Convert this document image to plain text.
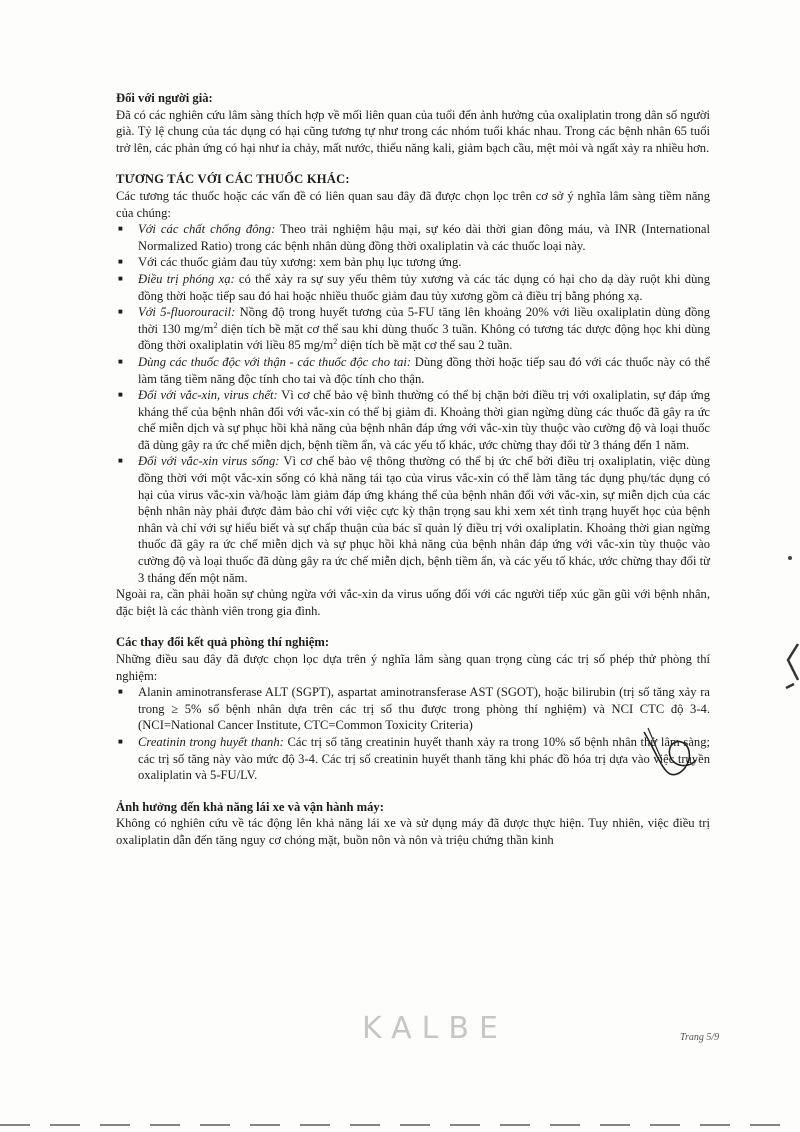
Đối với người già:

Đã có các nghiên cứu lâm sàng thích hợp về mối liên quan của tuổi đến ảnh hưởng của oxaliplatin trong dân số người già. Tỷ lệ chung của tác dụng có hại cũng tương tự như trong các nhóm tuổi khác nhau. Trong các bệnh nhân 65 tuổi trở lên, các phản ứng có hại như ỉa chảy, mất nước, thiểu năng kali, giảm bạch cầu, mệt mỏi và ngất xảy ra nhiều hơn.

TƯƠNG TÁC VỚI CÁC THUỐC KHÁC:

Các tương tác thuốc hoặc các vấn đề có liên quan sau đây đã được chọn lọc trên cơ sở ý nghĩa lâm sàng tiềm năng của chúng:

■ Với các chất chống đông: Theo trải nghiệm hậu mại, sự kéo dài thời gian đông máu, và INR (International Normalized Ratio) trong các bệnh nhân dùng đồng thời oxaliplatin và các thuốc loại này.
■ Với các thuốc giảm đau tủy xương: xem bản phụ lục tương ứng.
■ Điều trị phóng xạ: có thể xảy ra sự suy yếu thêm tủy xương và các tác dụng có hại cho dạ dày ruột khi dùng đồng thời hoặc tiếp sau đó hai hoặc nhiều thuốc giảm đau tủy xương gồm cả điều trị bằng phóng xạ.
■ Với 5-fluorouracil: Nồng độ trong huyết tương của 5-FU tăng lên khoảng 20% với liều oxaliplatin dùng đồng thời 130 $mg/m^2$ diện tích bề mặt cơ thể sau khi dùng thuốc 3 tuần. Không có tương tác dược động học khi dùng đồng thời oxaliplatin với liều 85 $mg/m^2$ diện tích bề mặt cơ thể sau 2 tuần.
■ Dùng các thuốc độc với thận - các thuốc độc cho tai: Dùng đồng thời hoặc tiếp sau đó với các thuốc này có thể làm tăng tiềm năng độc tính cho tai và độc tính cho thận.
■ Đối với vắc-xin, virus chết: Vì cơ chế bảo vệ bình thường có thể bị chặn bởi điều trị với oxaliplatin, sự đáp ứng kháng thể của bệnh nhân đối với vắc-xin có thể bị giảm đi. Khoảng thời gian ngừng dùng các thuốc đã gây ra ức chế miễn dịch và sự phục hồi khả năng của bệnh nhân đáp ứng với vắc-xin tùy thuộc vào cường độ và loại thuốc đã dùng gây ra ức chế miễn dịch, bệnh tiềm ẩn, và các yếu tố khác, ước chừng thay đổi từ 3 tháng đến 1 năm.
■ Đối với vắc-xin virus sống: Vì cơ chế bảo vệ thông thường có thể bị ức chế bởi điều trị oxaliplatin, việc dùng đồng thời với một vắc-xin sống có khả năng tái tạo của virus vắc-xin có thể làm tăng tác dụng phụ/tác dụng có hại của virus vắc-xin và/hoặc làm giảm đáp ứng kháng thể của bệnh nhân đối với vắc-xin, sự miễn dịch của các bệnh nhân này phải được đảm bảo chỉ với việc cực kỳ thận trọng sau khi xem xét tình trạng huyết học của bệnh nhân và chỉ với sự hiểu biết và sự chấp thuận của bác sĩ quản lý điều trị với oxaliplatin. Khoảng thời gian ngừng thuốc đã gây ra ức chế miễn dịch và sự phục hồi khả năng của bệnh nhân đáp ứng với vắc-xin tùy thuộc vào cường độ và loại thuốc đã dùng gây ra ức chế miễn dịch, bệnh tiềm ẩn, và các yếu tố khác, ước chừng thay đổi từ 3 tháng đến một năm.

Ngoài ra, cần phải hoãn sự chủng ngừa với vắc-xin da virus uống đối với các người tiếp xúc gần gũi với bệnh nhân, đặc biệt là các thành viên trong gia đình.

Các thay đổi kết quả phòng thí nghiệm:

Những điều sau đây đã được chọn lọc dựa trên ý nghĩa lâm sàng quan trọng cùng các trị số phép thử phòng thí nghiệm:

■ Alanin aminotransferase ALT (SGPT), aspartat aminotransferase AST (SGOT), hoặc bilirubin (trị số tăng xảy ra trong ≥ 5% số bệnh nhân dựa trên các trị số thu được trong phòng thí nghiệm) và NCI CTC độ 3-4. (NCI=National Cancer Institute, CTC=Common Toxicity Criteria)
■ Creatinin trong huyết thanh: Các trị số tăng creatinin huyết thanh xảy ra trong 10% số bệnh nhân thử lâm sàng; các trị số tăng này vào mức độ 3-4. Các trị số creatinin huyết thanh tăng khi phác đồ hóa trị dựa vào việc truyền oxaliplatin và 5-FU/LV.

Ảnh hưởng đến khả năng lái xe và vận hành máy:

Không có nghiên cứu về tác động lên khả năng lái xe và sử dụng máy đã được thực hiện. Tuy nhiên, việc điều trị oxaliplatin dẫn đến tăng nguy cơ chóng mặt, buồn nôn và nôn và triệu chứng thần kinh

KALBE	Trang 5/9
